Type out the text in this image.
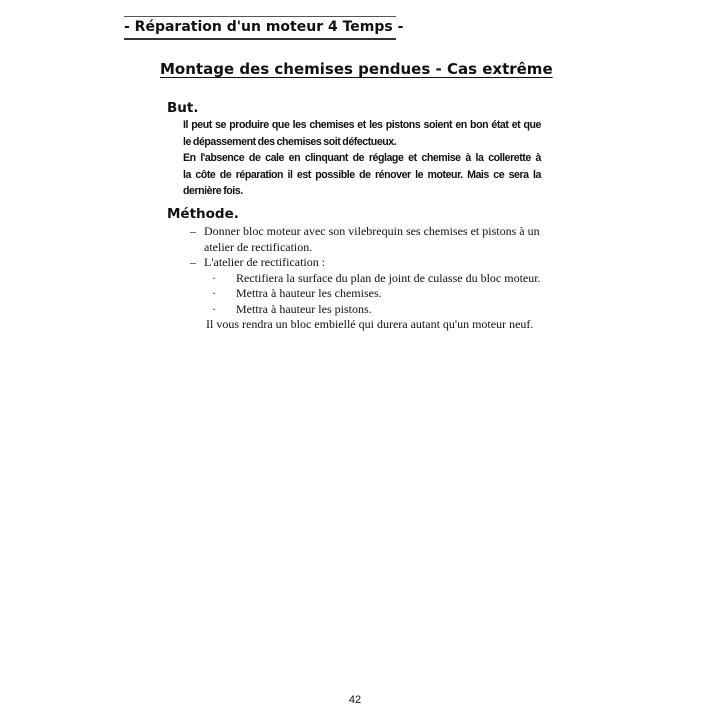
- Réparation d'un moteur 4 Temps -
Montage des chemises pendues - Cas extrême
But.
Il peut se produire que les chemises et les pistons soient en bon état et que
le dépassement des chemises soit défectueux.
En l'absence de cale en clinquant de réglage et chemise à la collerette à
la côte de réparation il est possible de rénover le moteur. Mais ce sera la
dernière fois.
Méthode.
– Donner bloc moteur avec son vilebrequin ses chemises et pistons à un
atelier de rectification.
– L'atelier de rectification :
· Rectifiera la surface du plan de joint de culasse du bloc moteur.
· Mettra à hauteur les chemises.
· Mettra à hauteur les pistons.
Il vous rendra un bloc embiellé qui durera autant qu'un moteur neuf.
42
